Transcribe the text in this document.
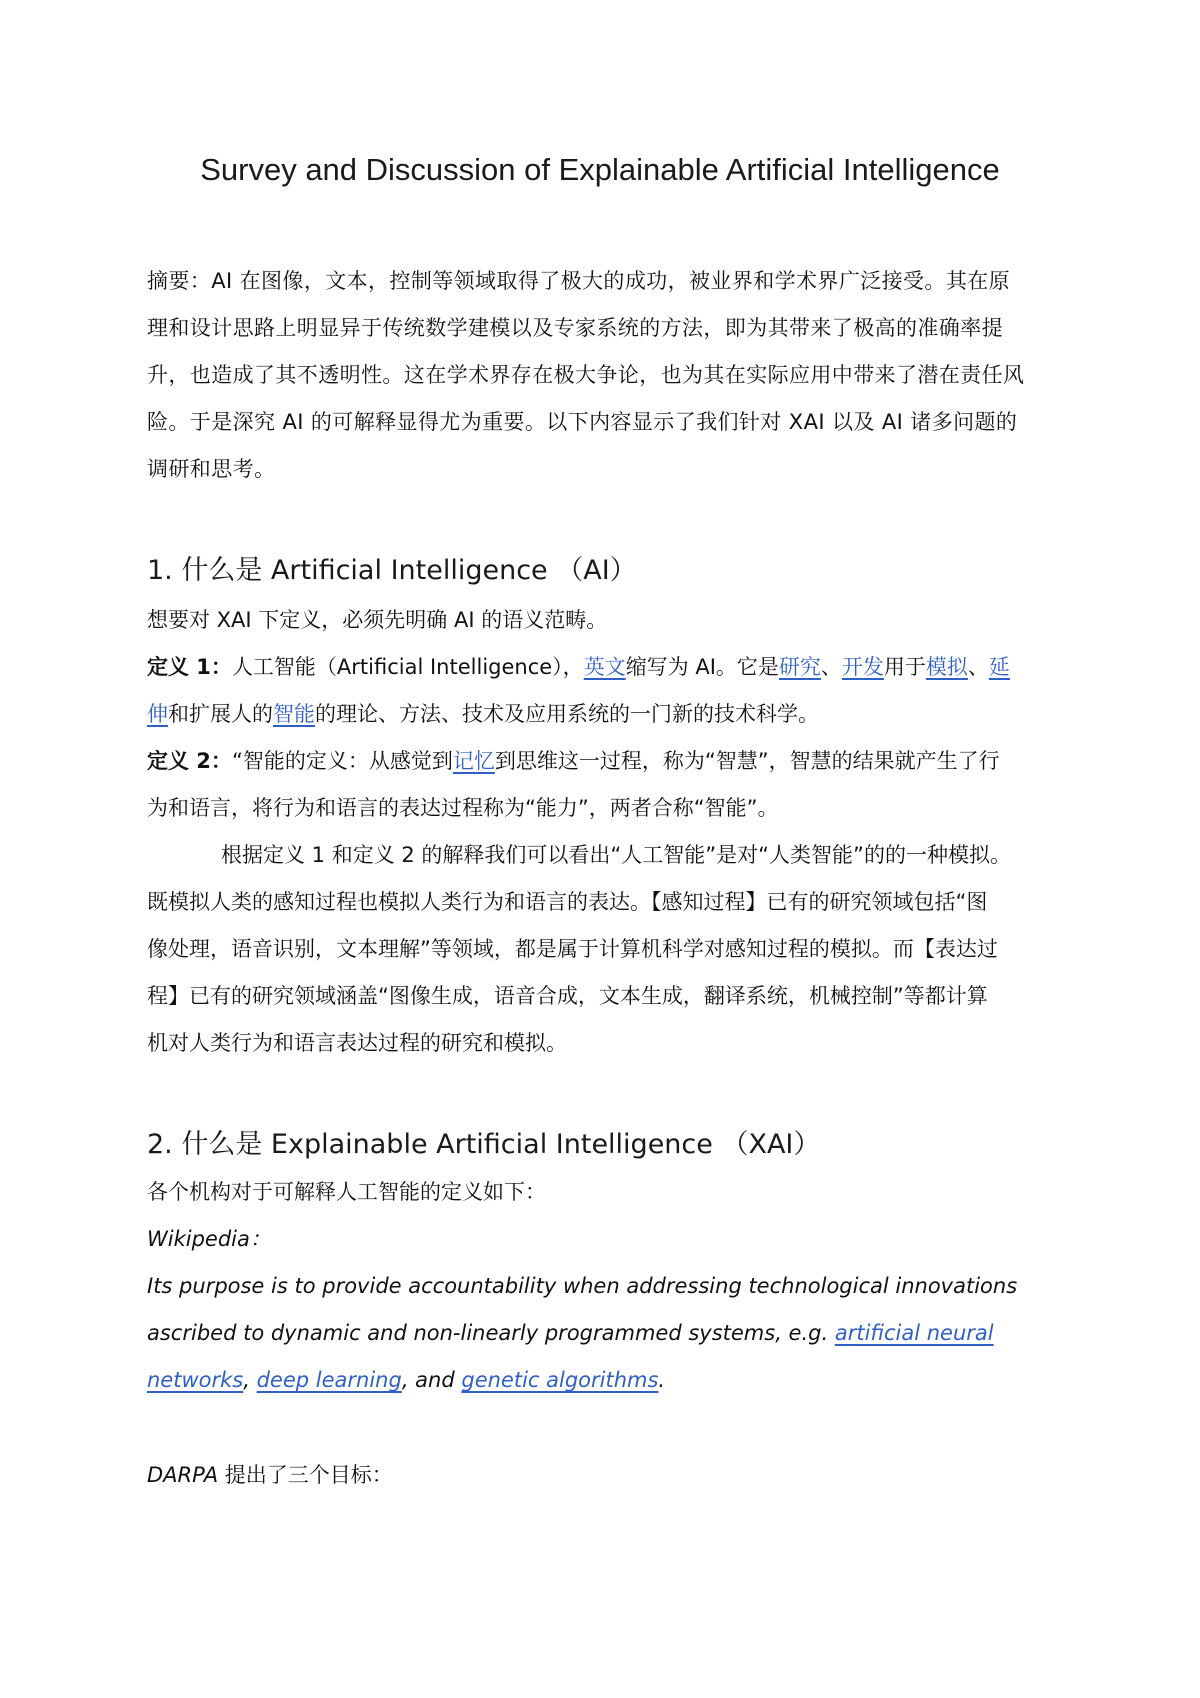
Survey and Discussion of Explainable Artificial Intelligence
摘要：AI 在图像，文本，控制等领域取得了极大的成功，被业界和学术界广泛接受。其在原
理和设计思路上明显异于传统数学建模以及专家系统的方法，即为其带来了极高的准确率提
升，也造成了其不透明性。这在学术界存在极大争论，也为其在实际应用中带来了潜在责任风
险。于是深究 AI 的可解释显得尤为重要。以下内容显示了我们针对 XAI 以及 AI 诸多问题的
调研和思考。
1. 什么是 Artificial Intelligence （AI）
想要对 XAI 下定义，必须先明确 AI 的语义范畴。
定义 1：人工智能（Artificial Intelligence），英文缩写为 AI。它是研究、开发用于模拟、延
伸和扩展人的智能的理论、方法、技术及应用系统的一门新的技术科学。
定义 2：“智能的定义：从感觉到记忆到思维这一过程，称为“智慧”，智慧的结果就产生了行
为和语言，将行为和语言的表达过程称为“能力”，两者合称“智能”。
根据定义 1 和定义 2 的解释我们可以看出“人工智能”是对“人类智能”的的一种模拟。
既模拟人类的感知过程也模拟人类行为和语言的表达。【感知过程】已有的研究领域包括“图
像处理，语音识别，文本理解”等领域，都是属于计算机科学对感知过程的模拟。而【表达过
程】已有的研究领域涵盖“图像生成，语音合成，文本生成，翻译系统，机械控制”等都计算
机对人类行为和语言表达过程的研究和模拟。
2. 什么是 Explainable Artificial Intelligence （XAI）
各个机构对于可解释人工智能的定义如下：
Wikipedia：
Its purpose is to provide accountability when addressing technological innovations
ascribed to dynamic and non-linearly programmed systems, e.g. artificial neural
networks, deep learning, and genetic algorithms.
DARPA 提出了三个目标：
